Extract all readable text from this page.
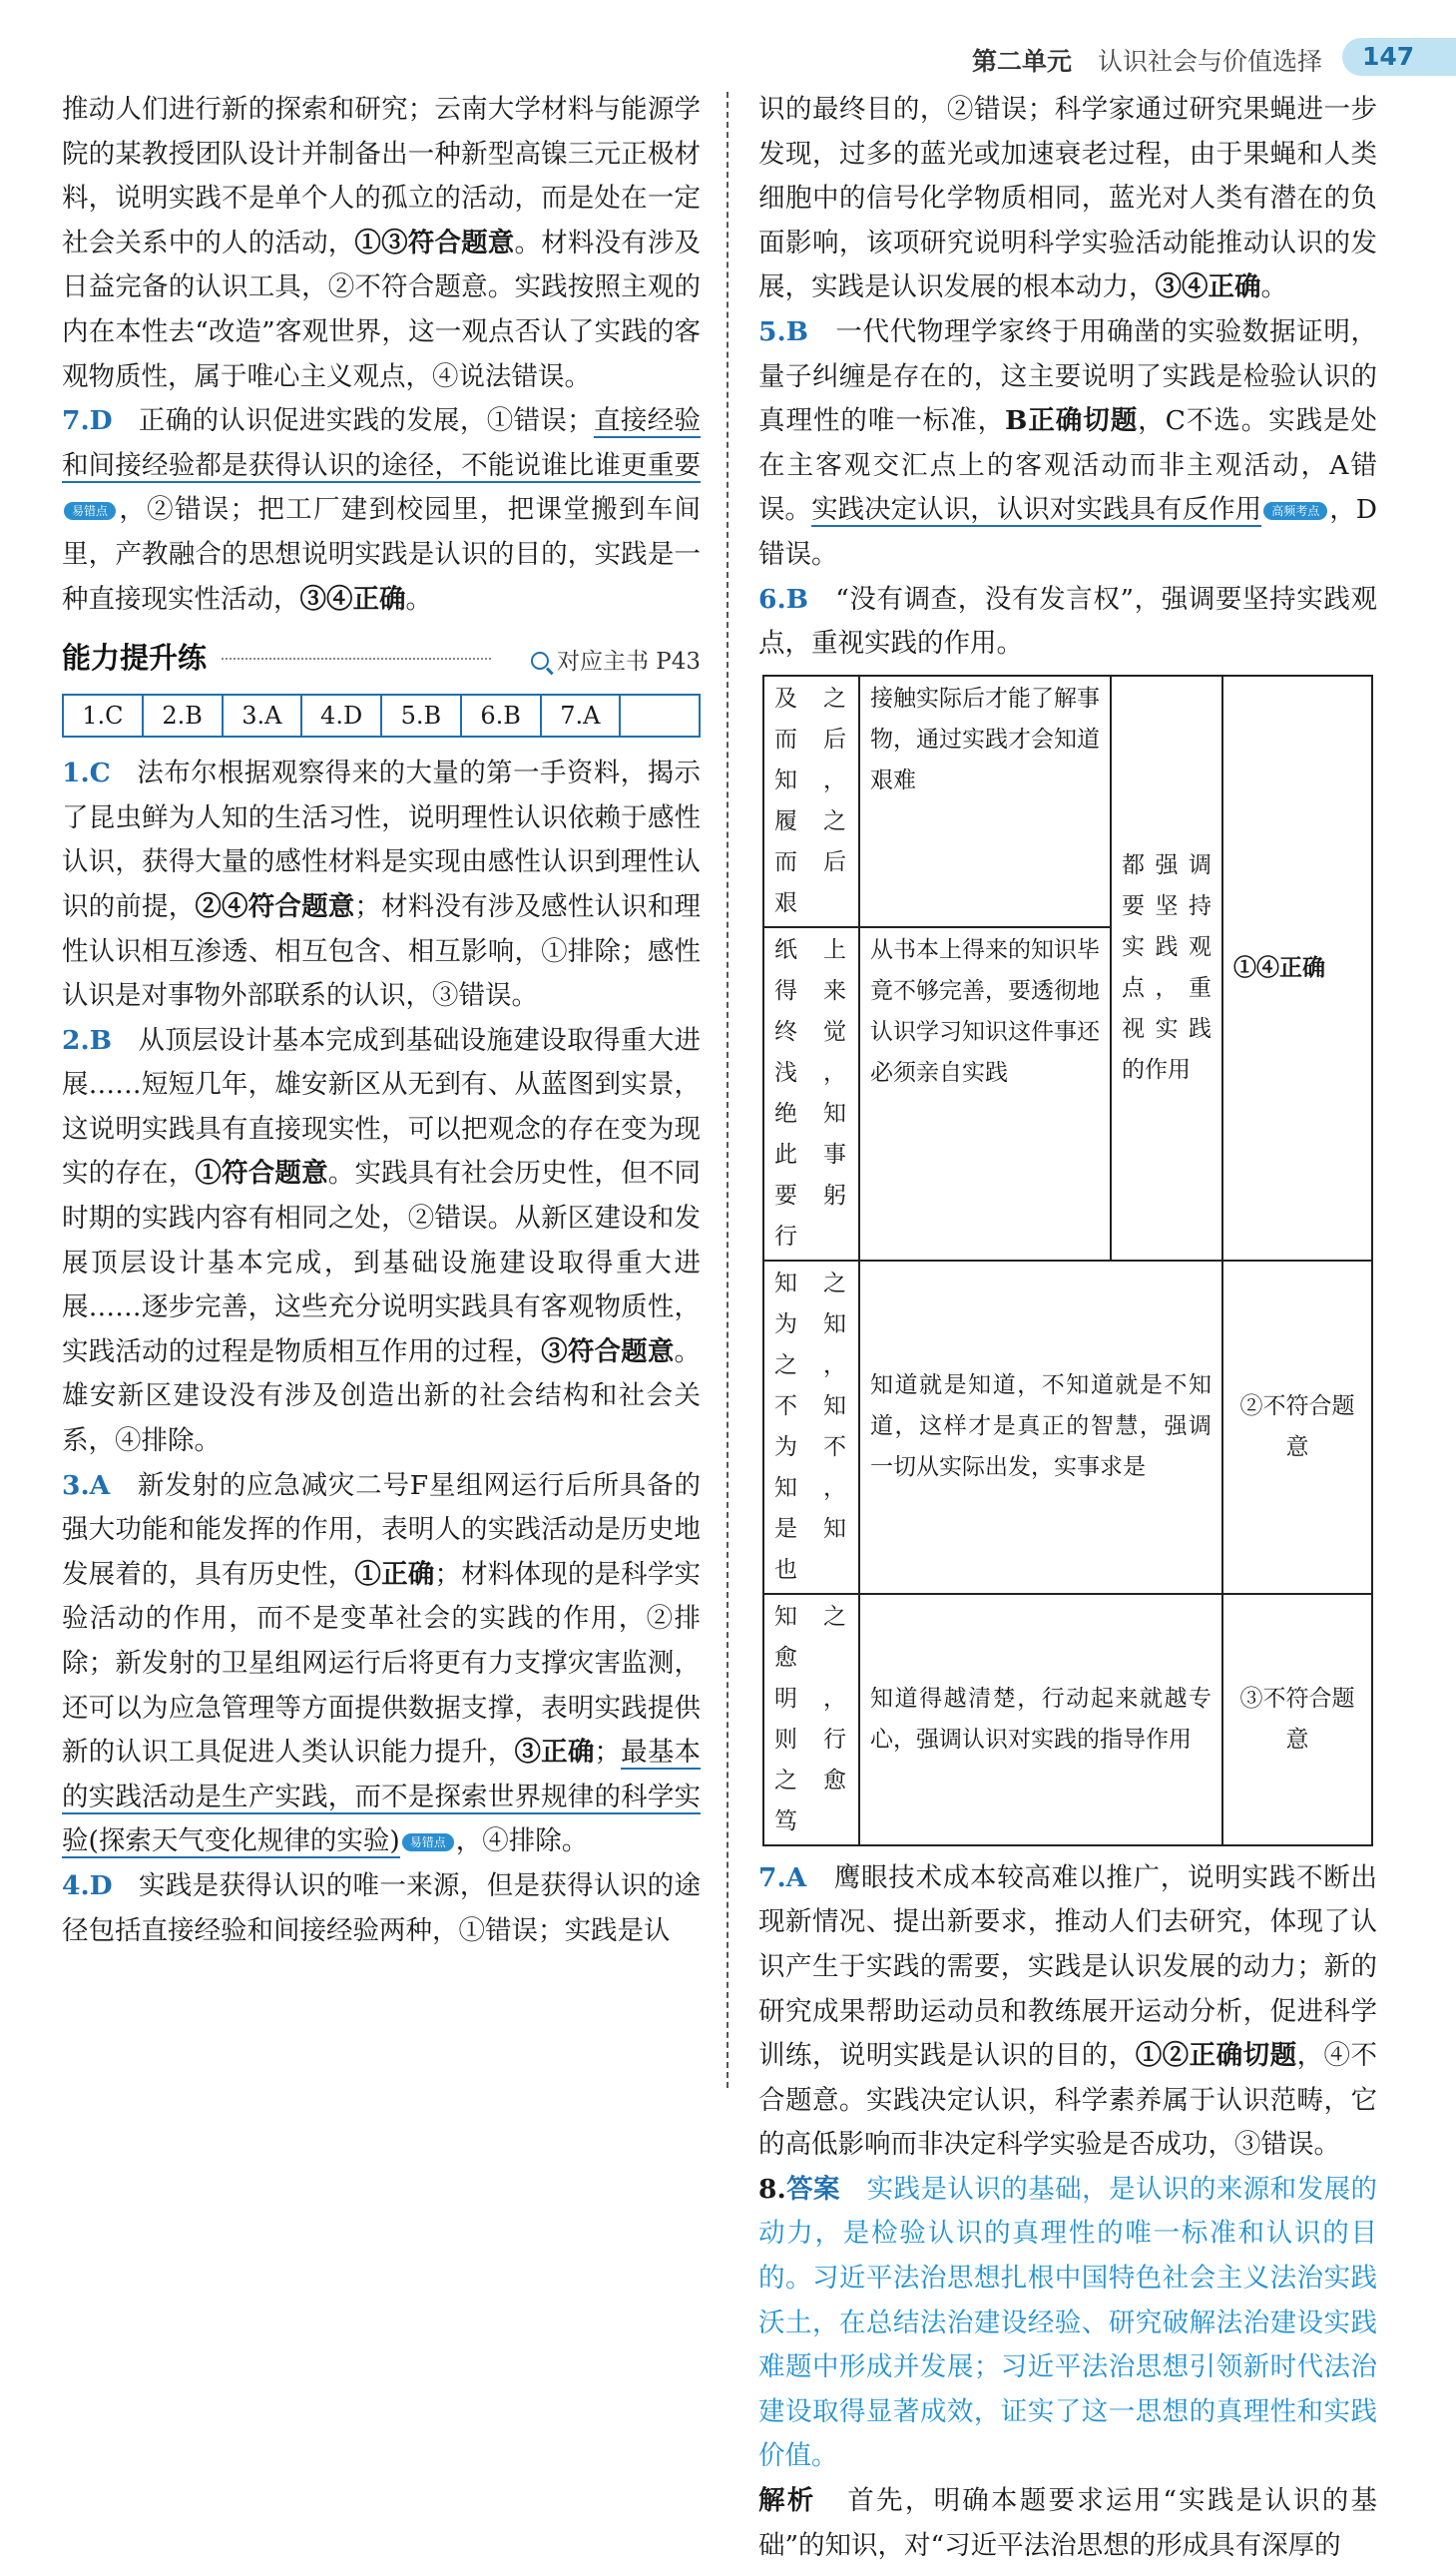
第二单元 认识社会与价值选择	147

推动人们进行新的探索和研究；云南大学材料与能源学院的某教授团队设计并制备出一种新型高镍三元正极材料，说明实践不是单个人的孤立的活动，而是处在一定社会关系中的人的活动，①③符合题意。材料没有涉及日益完备的认识工具，②不符合题意。实践按照主观的内在本性去“改造”客观世界，这一观点否认了实践的客观物质性，属于唯心主义观点，④说法错误。

7.D 正确的认识促进实践的发展，①错误；直接经验和间接经验都是获得认识的途径，不能说谁比谁更重要易错点 ，②错误；把工厂建到校园里，把课堂搬到车间里，产教融合的思想说明实践是认识的目的，实践是一种直接现实性活动，③④正确。

能力提升练	对应主书 P43
1.C	2.B	3.A	4.D	5.B	6.B	7.A

1.C 法布尔根据观察得来的大量的第一手资料，揭示了昆虫鲜为人知的生活习性，说明理性认识依赖于感性认识，获得大量的感性材料是实现由感性认识到理性认识的前提，②④符合题意；材料没有涉及感性认识和理性认识相互渗透、相互包含、相互影响，①排除；感性认识是对事物外部联系的认识，③错误。

2.B 从顶层设计基本完成到基础设施建设取得重大进展……短短几年，雄安新区从无到有、从蓝图到实景，这说明实践具有直接现实性，可以把观念的存在变为现实的存在，①符合题意。实践具有社会历史性，但不同时期的实践内容有相同之处，②错误。从新区建设和发展顶层设计基本完成，到基础设施建设取得重大进展……逐步完善，这些充分说明实践具有客观物质性，实践活动的过程是物质相互作用的过程，③符合题意。雄安新区建设没有涉及创造出新的社会结构和社会关系，④排除。

3.A 新发射的应急减灾二号F星组网运行后所具备的强大功能和能发挥的作用，表明人的实践活动是历史地发展着的，具有历史性，①正确；材料体现的是科学实验活动的作用，而不是变革社会的实践的作用，②排除；新发射的卫星组网运行后将更有力支撑灾害监测，还可以为应急管理等方面提供数据支撑，表明实践提供新的认识工具促进人类认识能力提升，③正确；最基本的实践活动是生产实践，而不是探索世界规律的科学实验(探索天气变化规律的实验) 易错点 ，④排除。

4.D 实践是获得认识的唯一来源，但是获得认识的途径包括直接经验和间接经验两种，①错误；实践是认

识的最终目的，②错误；科学家通过研究果蝇进一步发现，过多的蓝光或加速衰老过程，由于果蝇和人类细胞中的信号化学物质相同，蓝光对人类有潜在的负面影响，该项研究说明科学实验活动能推动认识的发展，实践是认识发展的根本动力，③④正确。

5.B 一代代物理学家终于用确凿的实验数据证明，量子纠缠是存在的，这主要说明了实践是检验认识的真理性的唯一标准，B正确切题，C不选。实践是处在主客观交汇点上的客观活动而非主观活动，A错误。实践决定认识，认识对实践具有反作用 高频考点 ，D错误。

6.B “没有调查，没有发言权”，强调要坚持实践观点，重视实践的作用。

及之而后知，履之而后艰	接触实际后才能了解事物，通过实践才会知道艰难	都强调要坚持实践观点，重视实践的作用	①④正确
纸上得来终觉浅，绝知此事要躬行	从书本上得来的知识毕竟不够完善，要透彻地认识学习知识这件事还必须亲自实践		
知之为知之，不知为不知，是知也	知道就是知道，不知道就是不知道，这样才是真正的智慧，强调一切从实际出发，实事求是		②不符合题意
知之愈明，则行之愈笃	知道得越清楚，行动起来就越专心，强调认识对实践的指导作用		③不符合题意

7.A 鹰眼技术成本较高难以推广，说明实践不断出现新情况、提出新要求，推动人们去研究，体现了认识产生于实践的需要，实践是认识发展的动力；新的研究成果帮助运动员和教练展开运动分析，促进科学训练，说明实践是认识的目的，①②正确切题，④不合题意。实践决定认识，科学素养属于认识范畴，它的高低影响而非决定科学实验是否成功，③错误。

8.答案 实践是认识的基础，是认识的来源和发展的动力，是检验认识的真理性的唯一标准和认识的目的。习近平法治思想扎根中国特色社会主义法治实践沃土，在总结法治建设经验、研究破解法治建设实践难题中形成并发展；习近平法治思想引领新时代法治建设取得显著成效，证实了这一思想的真理性和实践价值。

解析 首先，明确本题要求运用“实践是认识的基础”的知识，对“习近平法治思想的形成具有深厚的
